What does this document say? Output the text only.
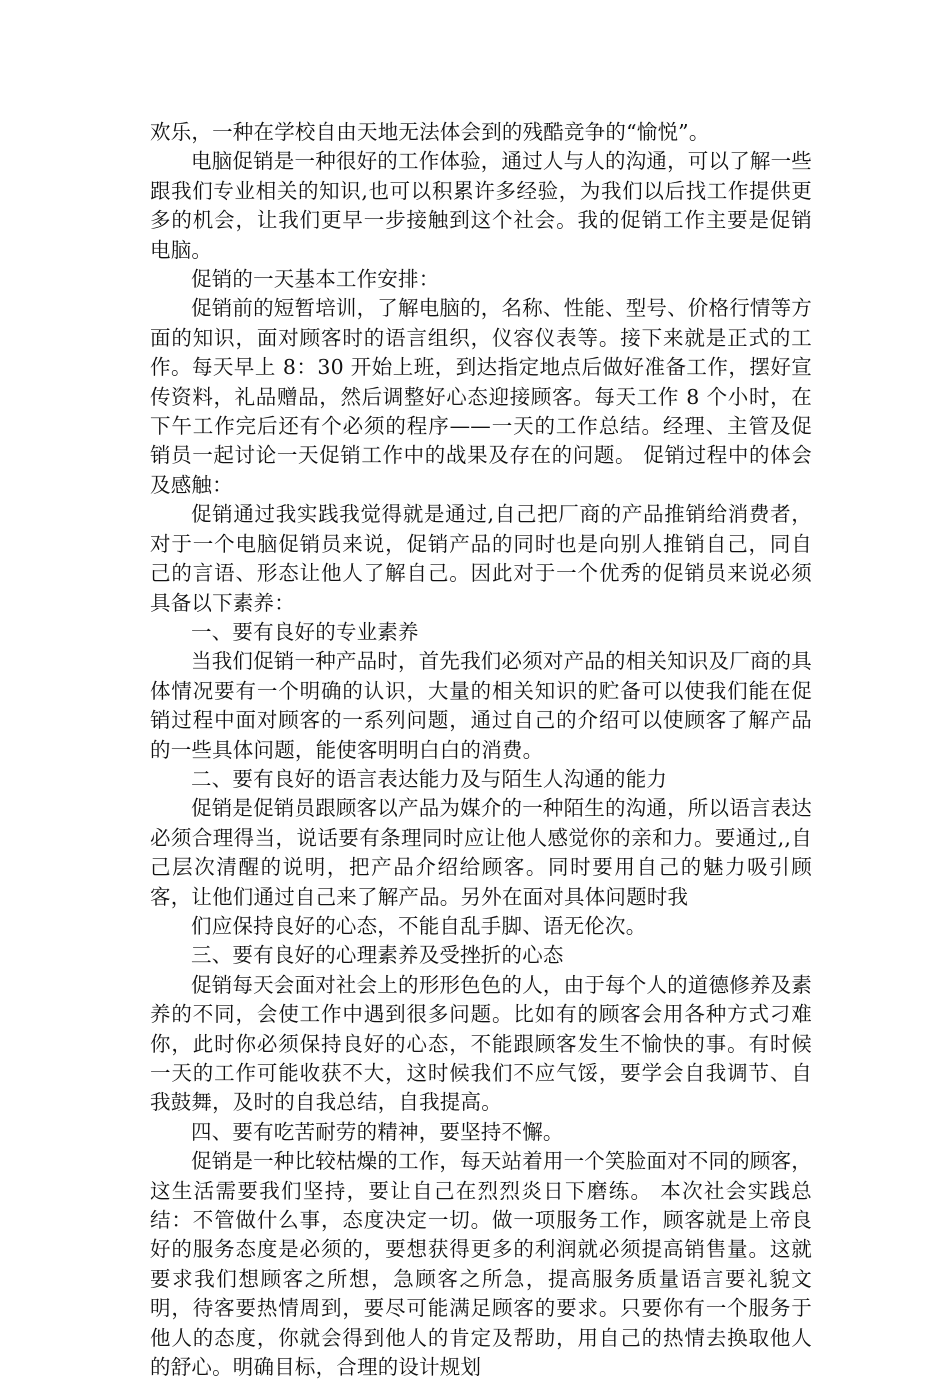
欢乐，一种在学校自由天地无法体会到的残酷竞争的“愉悦”。

电脑促销是一种很好的工作体验，通过人与人的沟通，可以了解一些跟我们专业相关的知识,也可以积累许多经验，为我们以后找工作提供更多的机会，让我们更早一步接触到这个社会。我的促销工作主要是促销电脑。

促销的一天基本工作安排：

促销前的短暂培训，了解电脑的，名称、性能、型号、价格行情等方面的知识，面对顾客时的语言组织，仪容仪表等。接下来就是正式的工作。每天早上 8：30 开始上班，到达指定地点后做好准备工作，摆好宣传资料，礼品赠品，然后调整好心态迎接顾客。每天工作 8 个小时，在下午工作完后还有个必须的程序——一天的工作总结。经理、主管及促销员一起讨论一天促销工作中的战果及存在的问题。 促销过程中的体会及感触：

促销通过我实践我觉得就是通过,自己把厂商的产品推销给消费者，对于一个电脑促销员来说，促销产品的同时也是向别人推销自己，同自己的言语、形态让他人了解自己。因此对于一个优秀的促销员来说必须具备以下素养：

一、要有良好的专业素养

当我们促销一种产品时，首先我们必须对产品的相关知识及厂商的具体情况要有一个明确的认识，大量的相关知识的贮备可以使我们能在促销过程中面对顾客的一系列问题，通过自己的介绍可以使顾客了解产品的一些具体问题，能使客明明白白的消费。

二、要有良好的语言表达能力及与陌生人沟通的能力

促销是促销员跟顾客以产品为媒介的一种陌生的沟通，所以语言表达必须合理得当，说话要有条理同时应让他人感觉你的亲和力。要通过,,自己层次清醒的说明，把产品介绍给顾客。同时要用自己的魅力吸引顾客，让他们通过自己来了解产品。另外在面对具体问题时我

们应保持良好的心态，不能自乱手脚、语无伦次。

三、要有良好的心理素养及受挫折的心态

促销每天会面对社会上的形形色色的人，由于每个人的道德修养及素养的不同，会使工作中遇到很多问题。比如有的顾客会用各种方式刁难你，此时你必须保持良好的心态，不能跟顾客发生不愉快的事。有时候一天的工作可能收获不大，这时候我们不应气馁，要学会自我调节、自我鼓舞，及时的自我总结，自我提高。

四、要有吃苦耐劳的精神，要坚持不懈。

促销是一种比较枯燥的工作，每天站着用一个笑脸面对不同的顾客，这生活需要我们坚持，要让自己在烈烈炎日下磨练。 本次社会实践总结：不管做什么事，态度决定一切。做一项服务工作，顾客就是上帝良好的服务态度是必须的，要想获得更多的利润就必须提高销售量。这就要求我们想顾客之所想，急顾客之所急，提高服务质量语言要礼貌文明，待客要热情周到，要尽可能满足顾客的要求。只要你有一个服务于他人的态度，你就会得到他人的肯定及帮助，用自己的热情去换取他人的舒心。明确目标，合理的设计规划
